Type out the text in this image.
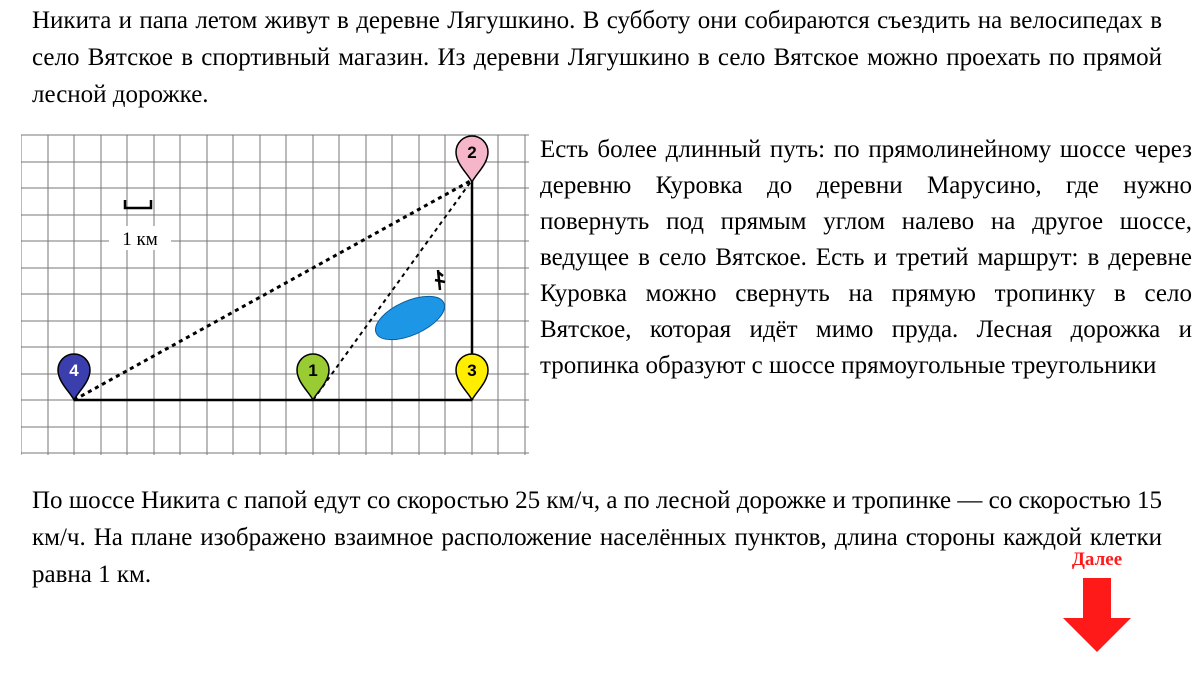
Никита и папа летом живут в деревне Лягушкино. В субботу они собираются съездить на велосипедах в село Вятское в спортивный магазин. Из деревни Лягушкино в село Вятское можно проехать по прямой лесной дорожке.

1 км
4	1	3
2	Есть более длинный путь: по прямолинейному шоссе через деревню Куровка до деревни Марусино, где нужно повернуть под прямым углом налево на другое шоссе, ведущее в село Вятское. Есть и третий маршрут: в деревне Куровка можно свернуть на прямую тропинку в село Вятское, которая идёт мимо пруда. Лесная дорожка и тропинка образуют с шоссе прямоугольные треугольники

По шоссе Никита с папой едут со скоростью 25 км/ч, а по лесной дорожке и тропинке — со скоростью 15 км/ч. На плане изображено взаимное расположение населённых пунктов, длина стороны каждой клетки равна 1 км.

Далее
